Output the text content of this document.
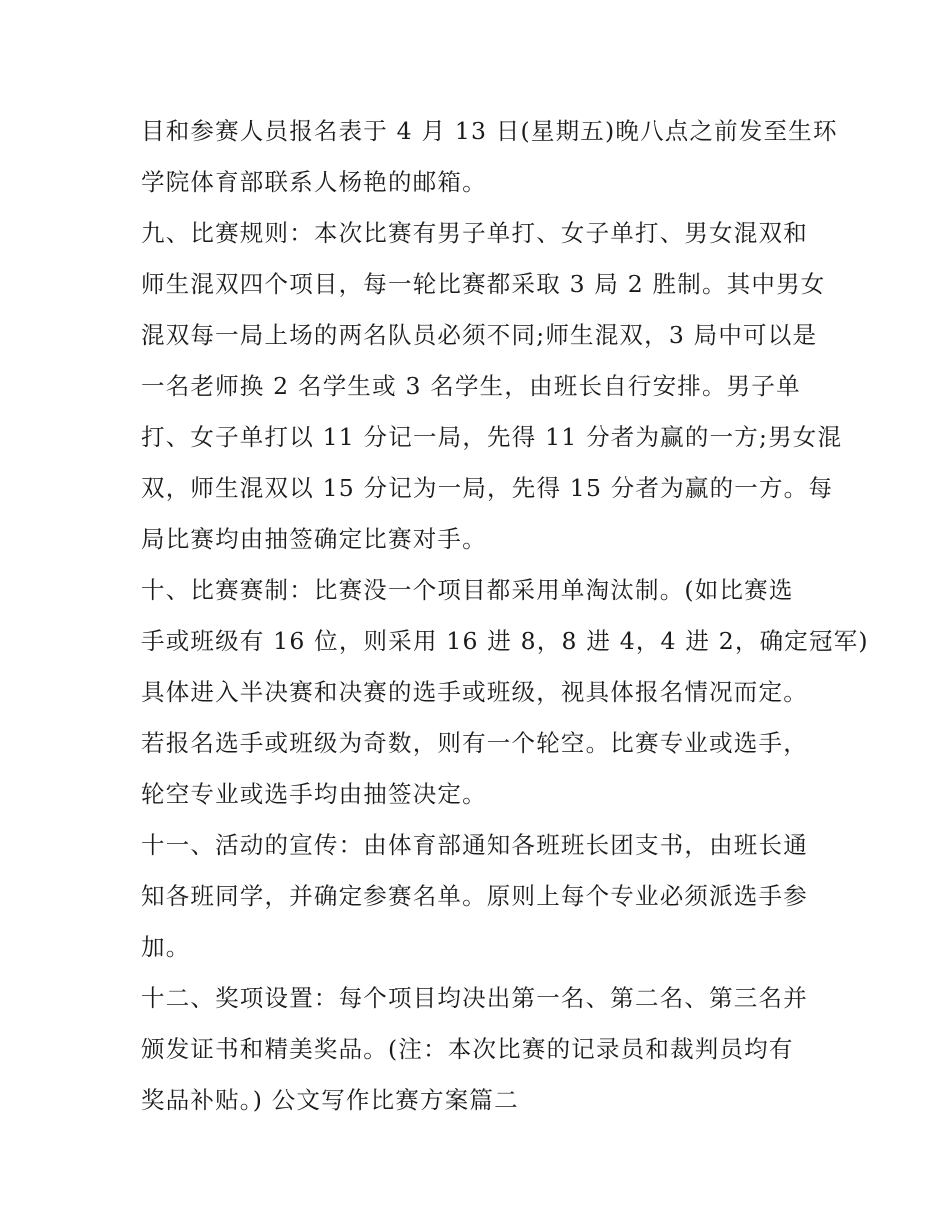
目和参赛人员报名表于 4 月 13 日(星期五)晚八点之前发至生环
学院体育部联系人杨艳的邮箱。
九、比赛规则：本次比赛有男子单打、女子单打、男女混双和
师生混双四个项目，每一轮比赛都采取 3 局 2 胜制。其中男女
混双每一局上场的两名队员必须不同;师生混双，3 局中可以是
一名老师换 2 名学生或 3 名学生，由班长自行安排。男子单
打、女子单打以 11 分记一局，先得 11 分者为赢的一方;男女混
双，师生混双以 15 分记为一局，先得 15 分者为赢的一方。每
局比赛均由抽签确定比赛对手。
十、比赛赛制：比赛没一个项目都采用单淘汰制。(如比赛选
手或班级有 16 位，则采用 16 进 8，8 进 4，4 进 2，确定冠军)
具体进入半决赛和决赛的选手或班级，视具体报名情况而定。
若报名选手或班级为奇数，则有一个轮空。比赛专业或选手，
轮空专业或选手均由抽签决定。
十一、活动的宣传：由体育部通知各班班长团支书，由班长通
知各班同学，并确定参赛名单。原则上每个专业必须派选手参
加。
十二、奖项设置：每个项目均决出第一名、第二名、第三名并
颁发证书和精美奖品。(注：本次比赛的记录员和裁判员均有
奖品补贴。) 公文写作比赛方案篇二
